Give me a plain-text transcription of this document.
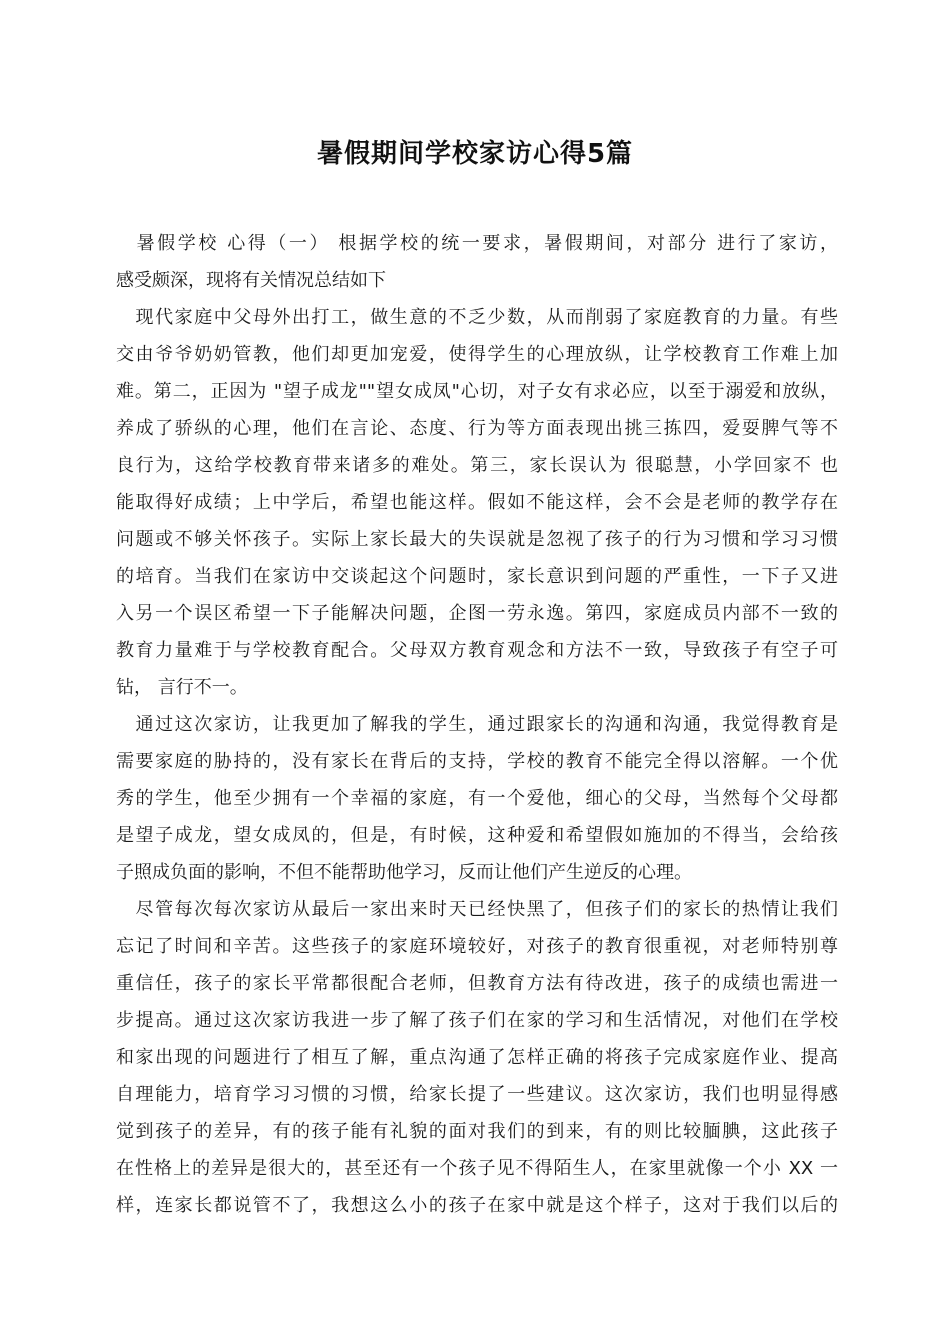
暑假期间学校家访心得5篇
　暑假学校 心得（一） 根据学校的统一要求，暑假期间，对部分 进行了家访，
感受颇深，现将有关情况总结如下
　现代家庭中父母外出打工，做生意的不乏少数，从而削弱了家庭教育的力量。有些
交由爷爷奶奶管教，他们却更加宠爱，使得学生的心理放纵，让学校教育工作难上加
难。第二，正因为 "望子成龙""望女成凤"心切，对子女有求必应，以至于溺爱和放纵，
养成了骄纵的心理，他们在言论、态度、行为等方面表现出挑三拣四，爱耍脾气等不
良行为，这给学校教育带来诸多的难处。第三，家长误认为 很聪慧，小学回家不 也
能取得好成绩；上中学后，希望也能这样。假如不能这样，会不会是老师的教学存在
问题或不够关怀孩子。实际上家长最大的失误就是忽视了孩子的行为习惯和学习习惯
的培育。当我们在家访中交谈起这个问题时，家长意识到问题的严重性，一下子又进
入另一个误区希望一下子能解决问题，企图一劳永逸。第四，家庭成员内部不一致的
教育力量难于与学校教育配合。父母双方教育观念和方法不一致，导致孩子有空子可
钻， 言行不一。
　通过这次家访，让我更加了解我的学生，通过跟家长的沟通和沟通，我觉得教育是
需要家庭的胁持的，没有家长在背后的支持，学校的教育不能完全得以溶解。一个优
秀的学生，他至少拥有一个幸福的家庭，有一个爱他，细心的父母，当然每个父母都
是望子成龙，望女成凤的，但是，有时候，这种爱和希望假如施加的不得当，会给孩
子照成负面的影响，不但不能帮助他学习，反而让他们产生逆反的心理。
　尽管每次每次家访从最后一家出来时天已经快黑了，但孩子们的家长的热情让我们
忘记了时间和辛苦。这些孩子的家庭环境较好，对孩子的教育很重视，对老师特别尊
重信任，孩子的家长平常都很配合老师，但教育方法有待改进，孩子的成绩也需进一
步提高。通过这次家访我进一步了解了孩子们在家的学习和生活情况，对他们在学校
和家出现的问题进行了相互了解，重点沟通了怎样正确的将孩子完成家庭作业、提高
自理能力，培育学习习惯的习惯，给家长提了一些建议。这次家访，我们也明显得感
觉到孩子的差异，有的孩子能有礼貌的面对我们的到来，有的则比较腼腆，这此孩子
在性格上的差异是很大的，甚至还有一个孩子见不得陌生人，在家里就像一个小 XX 一
样，连家长都说管不了，我想这么小的孩子在家中就是这个样子，这对于我们以后的
